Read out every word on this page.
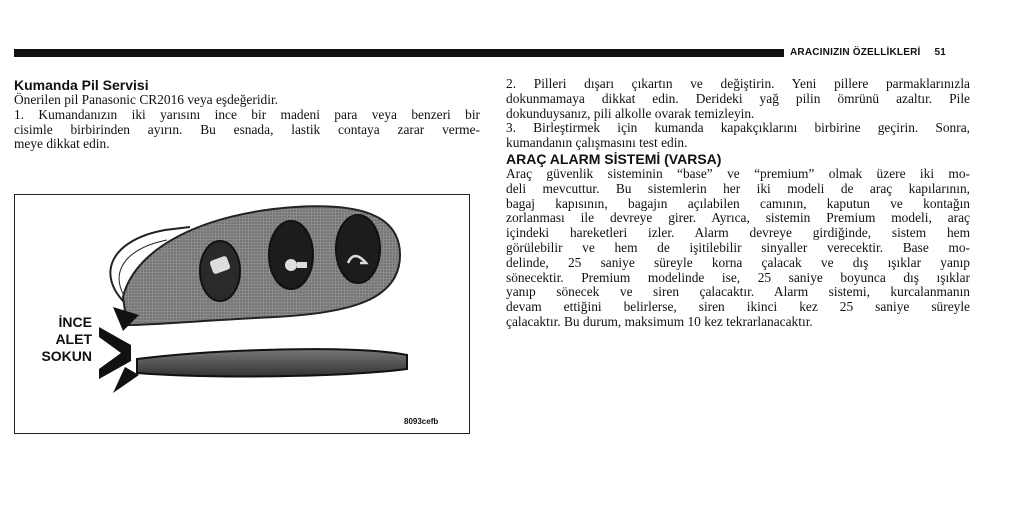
ARACINIZIN ÖZELLİKLERİ 51
Kumanda Pil Servisi

Önerilen pil Panasonic CR2016 veya eşdeğeridir.
1. Kumandanızın iki yarısını ince bir madeni para veya benzeri bir
cisimle birbirinden ayırın. Bu esnada, lastik contaya zarar verme-
meye dikkat edin.

İNCE
ALET
SOKUN
8093cefb

2. Pilleri dışarı çıkartın ve değiştirin. Yeni pillere parmaklarınızla
dokunmamaya dikkat edin. Derideki yağ pilin ömrünü azaltır. Pile
dokunduysanız, pili alkolle ovarak temizleyin.
3. Birleştirmek için kumanda kapakçıklarını birbirine geçirin. Sonra,
kumandanın çalışmasını test edin.

ARAÇ ALARM SİSTEMİ (VARSA)

Araç güvenlik sisteminin “base” ve “premium” olmak üzere iki mo-
deli mevcuttur. Bu sistemlerin her iki modeli de araç kapılarının,
bagaj kapısının, bagajın açılabilen camının, kaputun ve kontağın
zorlanması ile devreye girer. Ayrıca, sistemin Premium modeli, araç
içindeki hareketleri izler. Alarm devreye girdiğinde, sistem hem
görülebilir ve hem de işitilebilir sinyaller verecektir. Base mo-
delinde, 25 saniye süreyle korna çalacak ve dış ışıklar yanıp
sönecektir. Premium modelinde ise, 25 saniye boyunca dış ışıklar
yanıp sönecek ve siren çalacaktır. Alarm sistemi, kurcalanmanın
devam ettiğini belirlerse, siren ikinci kez 25 saniye süreyle
çalacaktır. Bu durum, maksimum 10 kez tekrarlanacaktır.
